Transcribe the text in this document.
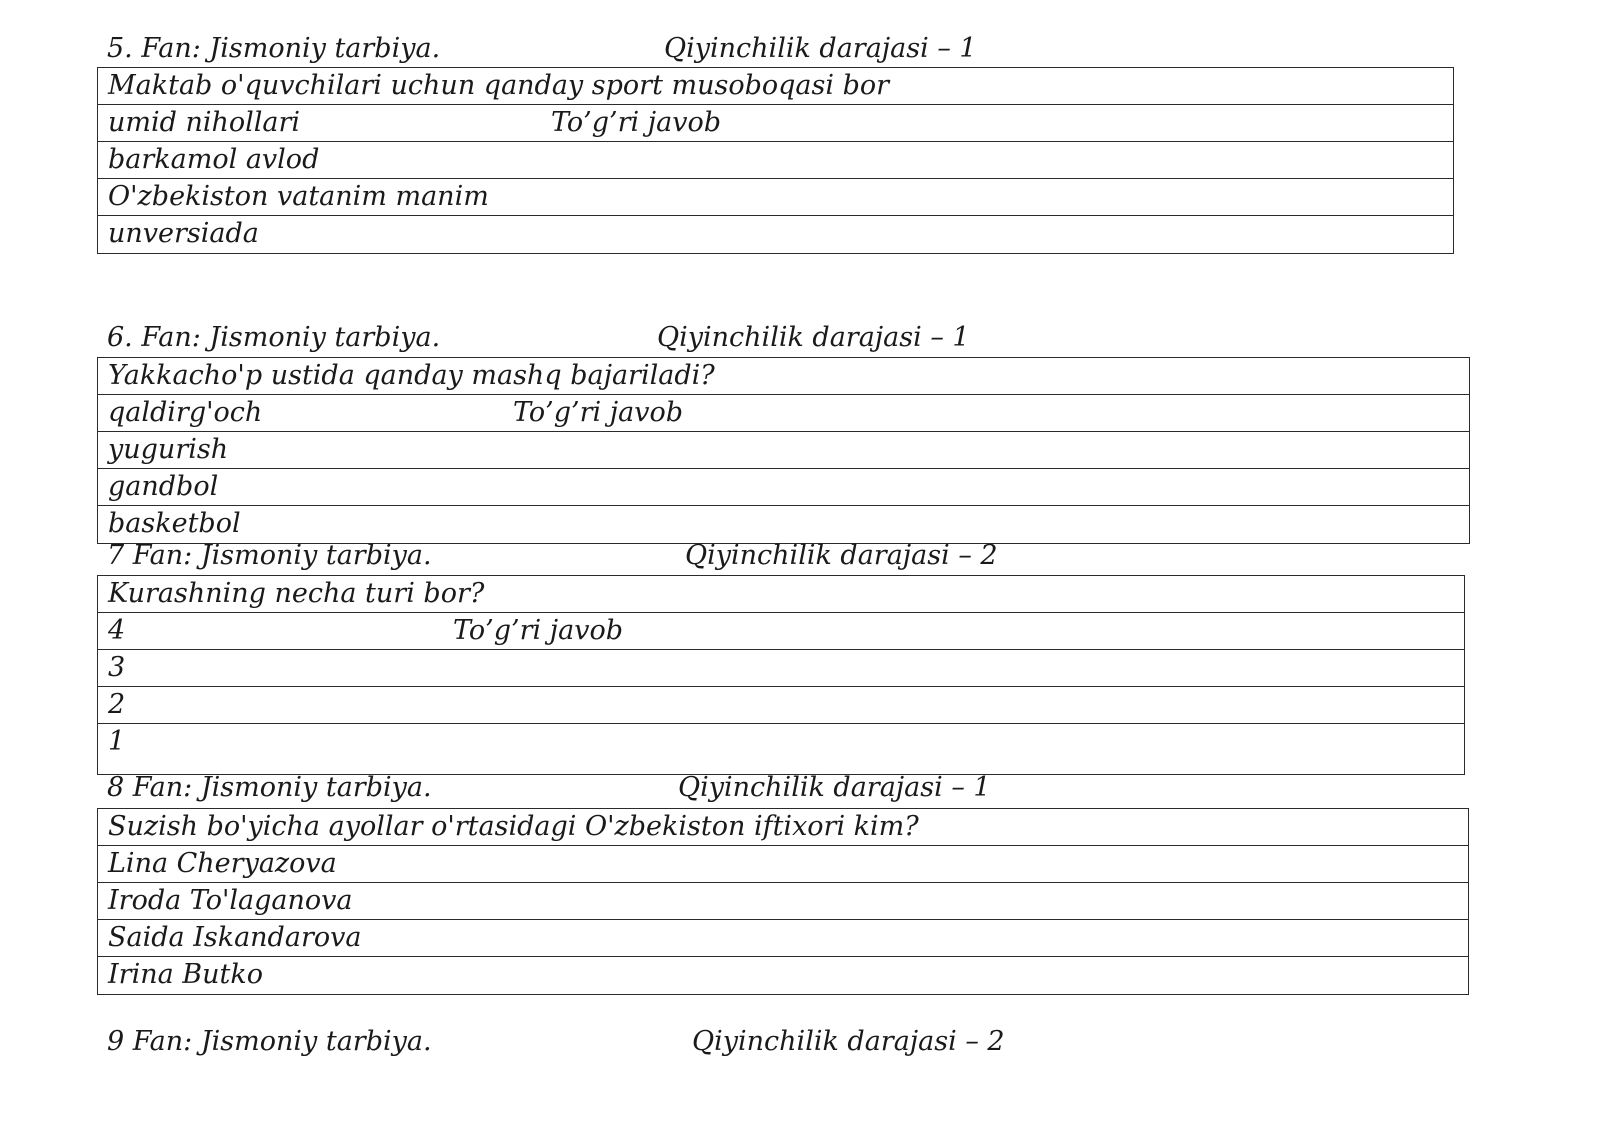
5. Fan: Jismoniy tarbiya.	Qiyinchilik darajasi – 1
Maktab o'quvchilari uchun qanday sport musoboqasi bor
umid nihollari	To’g’ri javob
barkamol avlod
O'zbekiston vatanim manim
unversiada
6. Fan: Jismoniy tarbiya.	Qiyinchilik darajasi – 1
Yakkacho'p ustida qanday mashq bajariladi?
qaldirg'och	To’g’ri javob
yugurish
gandbol
basketbol
7 Fan: Jismoniy tarbiya.	Qiyinchilik darajasi – 2
Kurashning necha turi bor?
4	To’g’ri javob
3
2
1
8 Fan: Jismoniy tarbiya.	Qiyinchilik darajasi – 1
Suzish bo'yicha ayollar o'rtasidagi O'zbekiston iftixori kim?
Lina Cheryazova
Iroda To'laganova
Saida Iskandarova
Irina Butko
9 Fan: Jismoniy tarbiya.	Qiyinchilik darajasi – 2
